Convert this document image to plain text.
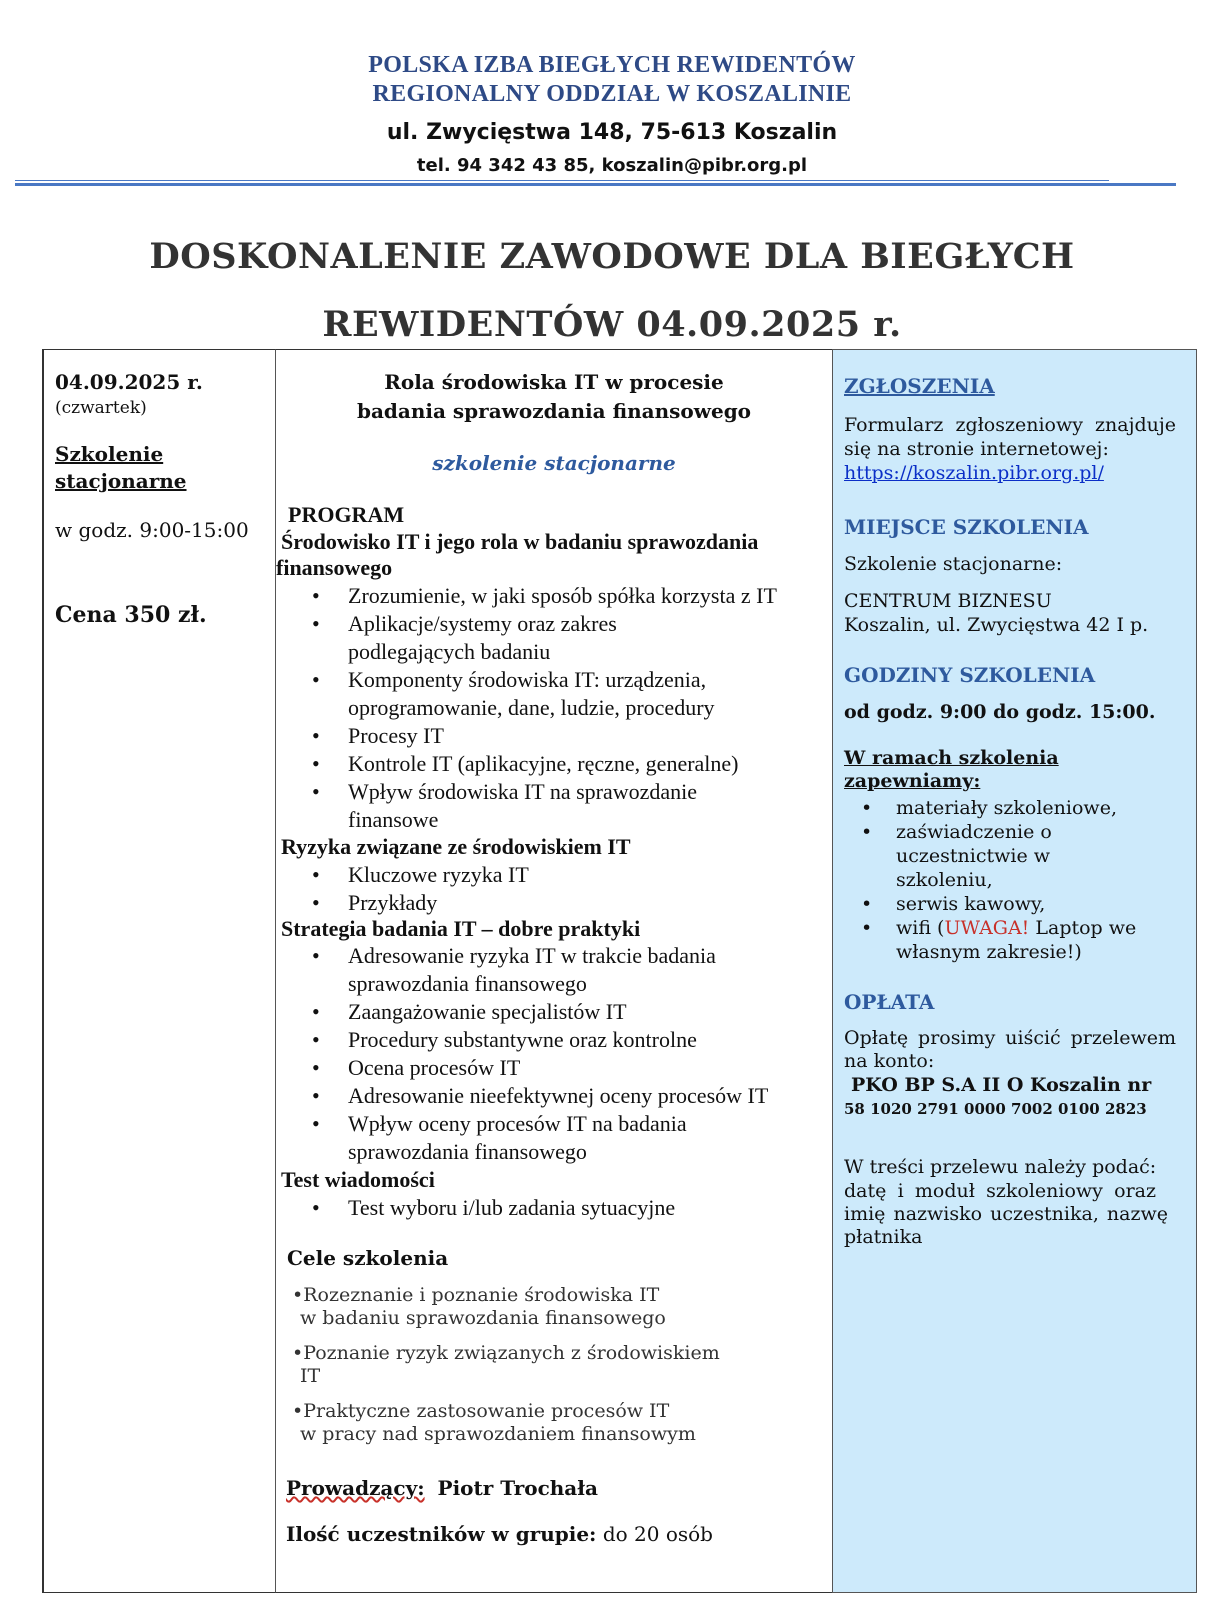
POLSKA IZBA BIEGŁYCH REWIDENTÓW
REGIONALNY ODDZIAŁ W KOSZALINIE
ul. Zwycięstwa 148, 75-613 Koszalin
tel. 94 342 43 85, koszalin@pibr.org.pl
DOSKONALENIE ZAWODOWE DLA BIEGŁYCH
REWIDENTÓW 04.09.2025 r.
04.09.2025 r.
(czwartek)
Szkolenie
stacjonarne
w godz. 9:00-15:00
Cena 350 zł.
Rola środowiska IT w procesie
badania sprawozdania finansowego
szkolenie stacjonarne
PROGRAM
Środowisko IT i jego rola w badaniu sprawozdania
finansowego
• Zrozumienie, w jaki sposób spółka korzysta z IT
• Aplikacje/systemy oraz zakres podlegających badaniu
• Komponenty środowiska IT: urządzenia, oprogramowanie, dane, ludzie, procedury
• Procesy IT
• Kontrole IT (aplikacyjne, ręczne, generalne)
• Wpływ środowiska IT na sprawozdanie finansowe
Ryzyka związane ze środowiskiem IT
• Kluczowe ryzyka IT
• Przykłady
Strategia badania IT – dobre praktyki
• Adresowanie ryzyka IT w trakcie badania sprawozdania finansowego
• Zaangażowanie specjalistów IT
• Procedury substantywne oraz kontrolne
• Ocena procesów IT
• Adresowanie nieefektywnej oceny procesów IT
• Wpływ oceny procesów IT na badania sprawozdania finansowego
Test wiadomości
• Test wyboru i/lub zadania sytuacyjne
Cele szkolenia
•Rozeznanie i poznanie środowiska IT
w badaniu sprawozdania finansowego
•Poznanie ryzyk związanych z środowiskiem
IT
•Praktyczne zastosowanie procesów IT
w pracy nad sprawozdaniem finansowym
Prowadzący: Piotr Trochała
Ilość uczestników w grupie: do 20 osób
ZGŁOSZENIA
Formularz zgłoszeniowy znajduje
się na stronie internetowej:
https://koszalin.pibr.org.pl/
MIEJSCE SZKOLENIA
Szkolenie stacjonarne:
CENTRUM BIZNESU
Koszalin, ul. Zwycięstwa 42 I p.
GODZINY SZKOLENIA
od godz. 9:00 do godz. 15:00.
W ramach szkolenia
zapewniamy:
• materiały szkoleniowe,
• zaświadczenie o uczestnictwie w szkoleniu,
• serwis kawowy,
• wifi (UWAGA! Laptop we własnym zakresie!)
OPŁATA
Opłatę prosimy uiścić przelewem
na konto:
PKO BP S.A II O Koszalin nr
58 1020 2791 0000 7002 0100 2823
W treści przelewu należy podać:
datę i moduł szkoleniowy oraz
imię nazwisko uczestnika, nazwę
płatnika
